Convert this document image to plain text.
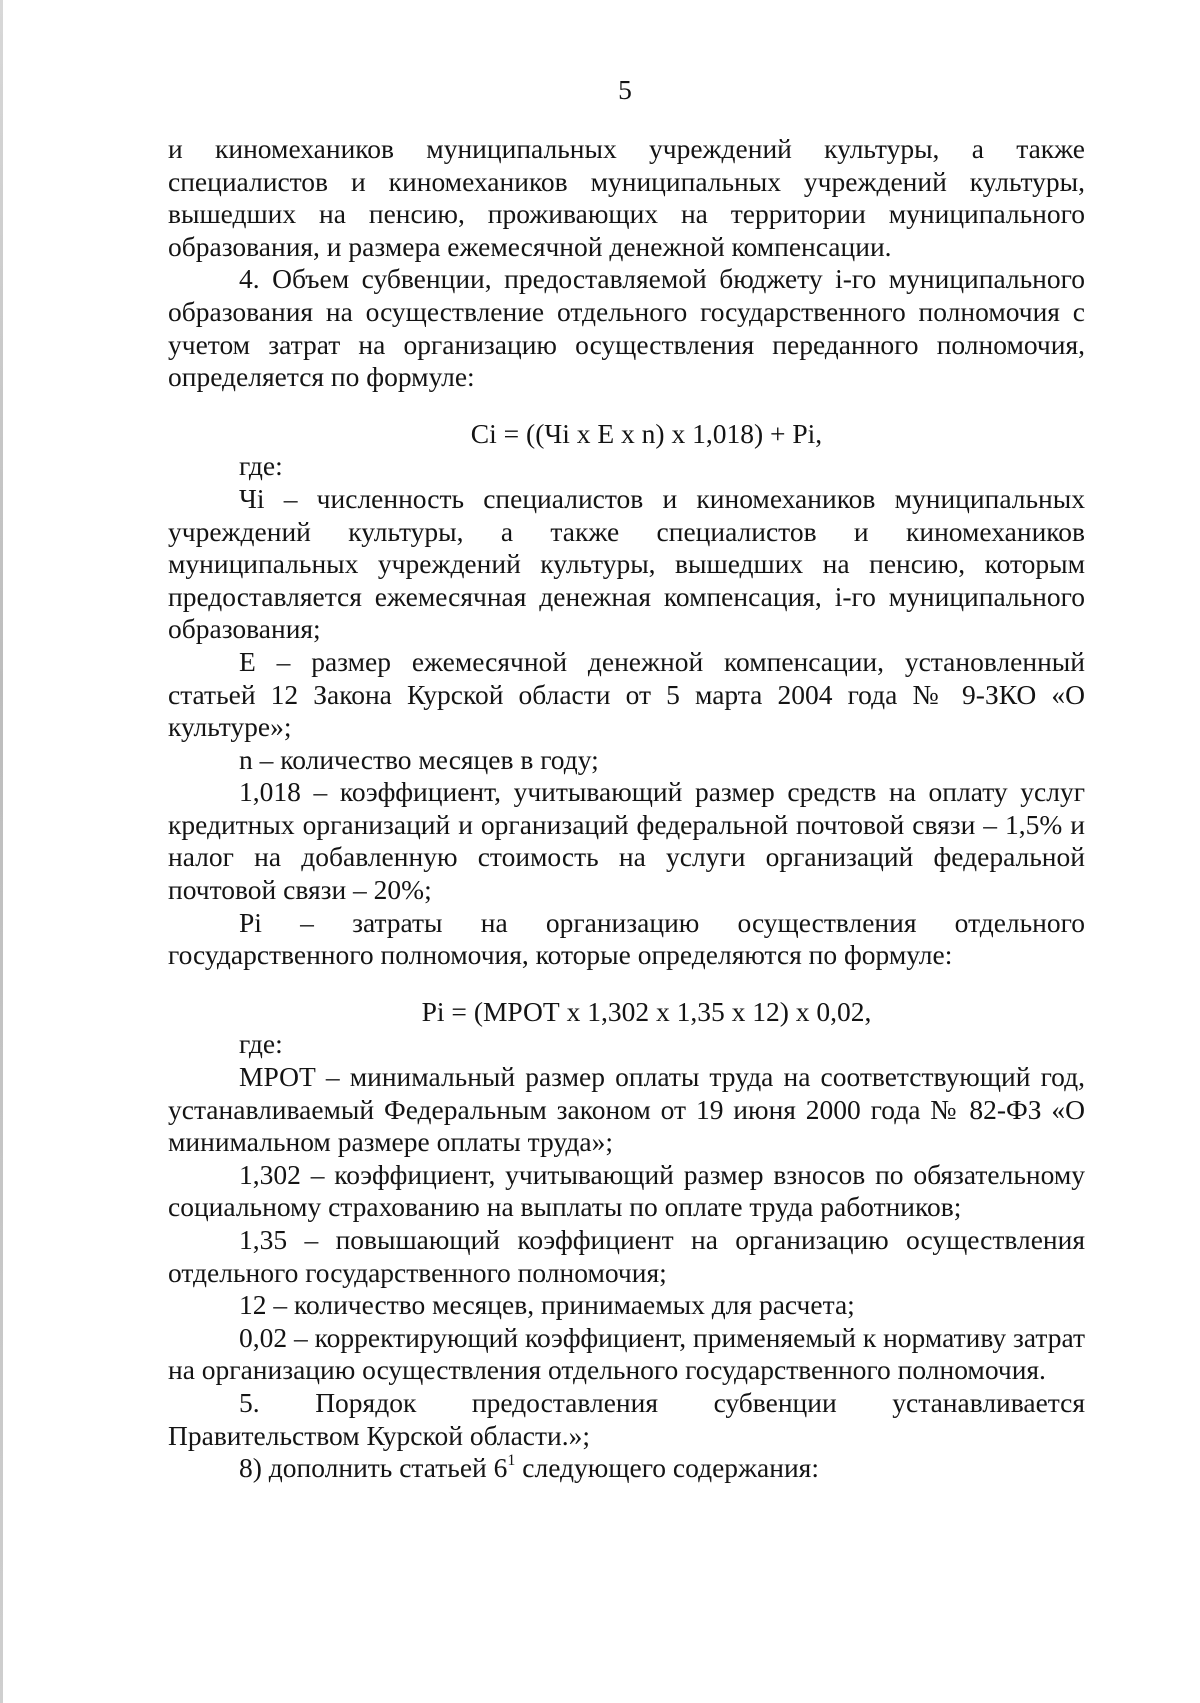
5

и киномехаников муниципальных учреждений культуры, а также специалистов и киномехаников муниципальных учреждений культуры, вышедших на пенсию, проживающих на территории муниципального образования, и размера ежемесячной денежной компенсации.

4. Объем субвенции, предоставляемой бюджету i-го муниципального образования на осуществление отдельного государственного полномочия с учетом затрат на организацию осуществления переданного полномочия, определяется по формуле:

Ci = ((Чi x E x n) x 1,018) + Pi,

где:

Чi – численность специалистов и киномехаников муниципальных учреждений культуры, а также специалистов и киномехаников муниципальных учреждений культуры, вышедших на пенсию, которым предоставляется ежемесячная денежная компенсация, i-го муниципального образования;

E – размер ежемесячной денежной компенсации, установленный статьей 12 Закона Курской области от 5 марта 2004 года № 9-ЗКО «О культуре»;

n – количество месяцев в году;

1,018 – коэффициент, учитывающий размер средств на оплату услуг кредитных организаций и организаций федеральной почтовой связи – 1,5% и налог на добавленную стоимость на услуги организаций федеральной почтовой связи – 20%;

Pi – затраты на организацию осуществления отдельного государственного полномочия, которые определяются по формуле:

Pi = (МРОТ x 1,302 x 1,35 x 12) x 0,02,

где:

МРОТ – минимальный размер оплаты труда на соответствующий год, устанавливаемый Федеральным законом от 19 июня 2000 года № 82-ФЗ «О минимальном размере оплаты труда»;

1,302 – коэффициент, учитывающий размер взносов по обязательному социальному страхованию на выплаты по оплате труда работников;

1,35 – повышающий коэффициент на организацию осуществления отдельного государственного полномочия;

12 – количество месяцев, принимаемых для расчета;

0,02 – корректирующий коэффициент, применяемый к нормативу затрат на организацию осуществления отдельного государственного полномочия.

5. Порядок предоставления субвенции устанавливается Правительством Курской области.»;

8) дополнить статьей $6^1$ следующего содержания:
